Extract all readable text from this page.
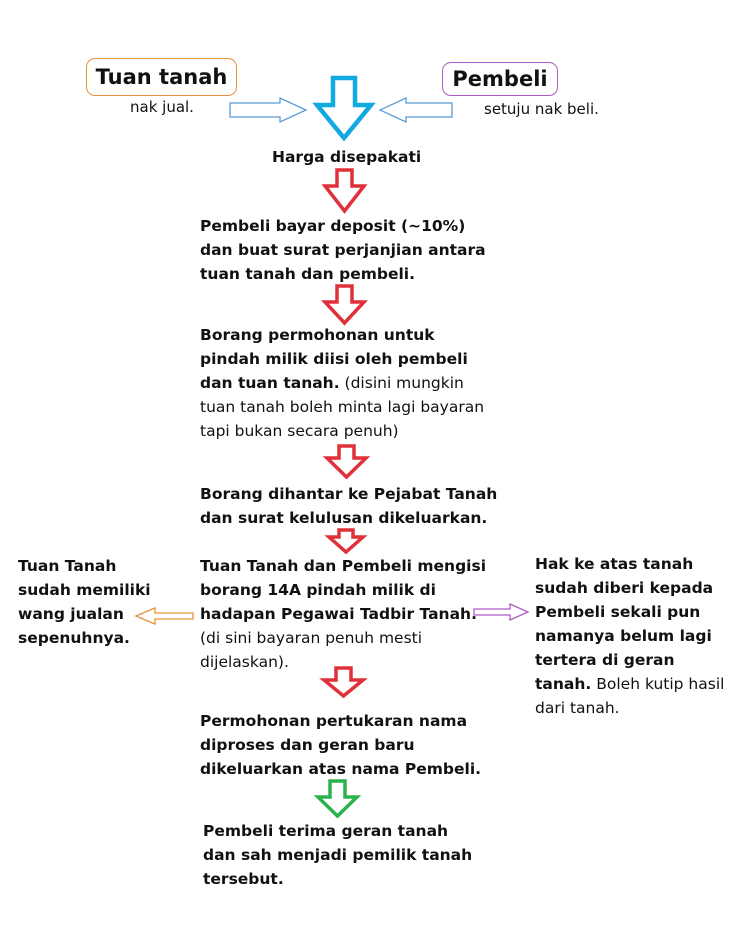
Tuan tanah
nak jual.
Pembeli
setuju nak beli.
Harga disepakati
Pembeli bayar deposit (~10%) dan buat surat perjanjian antara tuan tanah dan pembeli.
Borang permohonan untuk pindah milik diisi oleh pembeli dan tuan tanah. (disini mungkin tuan tanah boleh minta lagi bayaran tapi bukan secara penuh)
Borang dihantar ke Pejabat Tanah dan surat kelulusan dikeluarkan.
Tuan Tanah dan Pembeli mengisi borang 14A pindah milik di hadapan Pegawai Tadbir Tanah. (di sini bayaran penuh mesti dijelaskan).
Permohonan pertukaran nama diproses dan geran baru dikeluarkan atas nama Pembeli.
Pembeli terima geran tanah dan sah menjadi pemilik tanah tersebut.
Tuan Tanah sudah memiliki wang jualan sepenuhnya.
Hak ke atas tanah sudah diberi kepada Pembeli sekali pun namanya belum lagi tertera di geran tanah. Boleh kutip hasil dari tanah.
